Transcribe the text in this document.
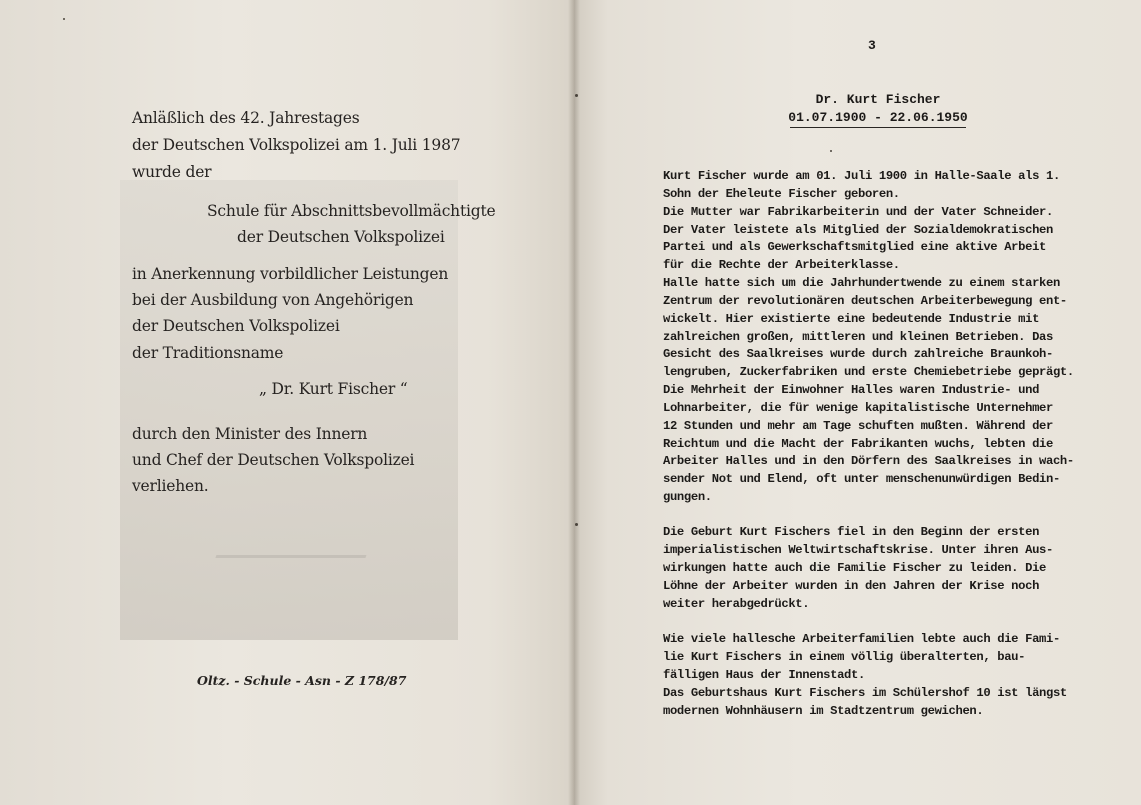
Anläßlich des 42. Jahrestages
der Deutschen Volkspolizei am 1. Juli 1987
wurde der
Schule für Abschnittsbevollmächtigte
der Deutschen Volkspolizei
in Anerkennung vorbildlicher Leistungen
bei der Ausbildung von Angehörigen
der Deutschen Volkspolizei
der Traditionsname
„ Dr. Kurt Fischer “
durch den Minister des Innern
und Chef der Deutschen Volkspolizei
verliehen.
Oltz. - Schule - Asn - Z 178/87
3
Dr. Kurt Fischer
01.07.1900 - 22.06.1950
Kurt Fischer wurde am 01. Juli 1900 in Halle-Saale als 1.
Sohn der Eheleute Fischer geboren.
Die Mutter war Fabrikarbeiterin und der Vater Schneider.
Der Vater leistete als Mitglied der Sozialdemokratischen
Partei und als Gewerkschaftsmitglied eine aktive Arbeit
für die Rechte der Arbeiterklasse.
Halle hatte sich um die Jahrhundertwende zu einem starken
Zentrum der revolutionären deutschen Arbeiterbewegung ent-
wickelt. Hier existierte eine bedeutende Industrie mit
zahlreichen großen, mittleren und kleinen Betrieben. Das
Gesicht des Saalkreises wurde durch zahlreiche Braunkoh-
lengruben, Zuckerfabriken und erste Chemiebetriebe geprägt.
Die Mehrheit der Einwohner Halles waren Industrie- und
Lohnarbeiter, die für wenige kapitalistische Unternehmer
12 Stunden und mehr am Tage schuften mußten. Während der
Reichtum und die Macht der Fabrikanten wuchs, lebten die
Arbeiter Halles und in den Dörfern des Saalkreises in wach-
sender Not und Elend, oft unter menschenunwürdigen Bedin-
gungen.
Die Geburt Kurt Fischers fiel in den Beginn der ersten
imperialistischen Weltwirtschaftskrise. Unter ihren Aus-
wirkungen hatte auch die Familie Fischer zu leiden. Die
Löhne der Arbeiter wurden in den Jahren der Krise noch
weiter herabgedrückt.
Wie viele hallesche Arbeiterfamilien lebte auch die Fami-
lie Kurt Fischers in einem völlig überalterten, bau-
fälligen Haus der Innenstadt.
Das Geburtshaus Kurt Fischers im Schülershof 10 ist längst
modernen Wohnhäusern im Stadtzentrum gewichen.
